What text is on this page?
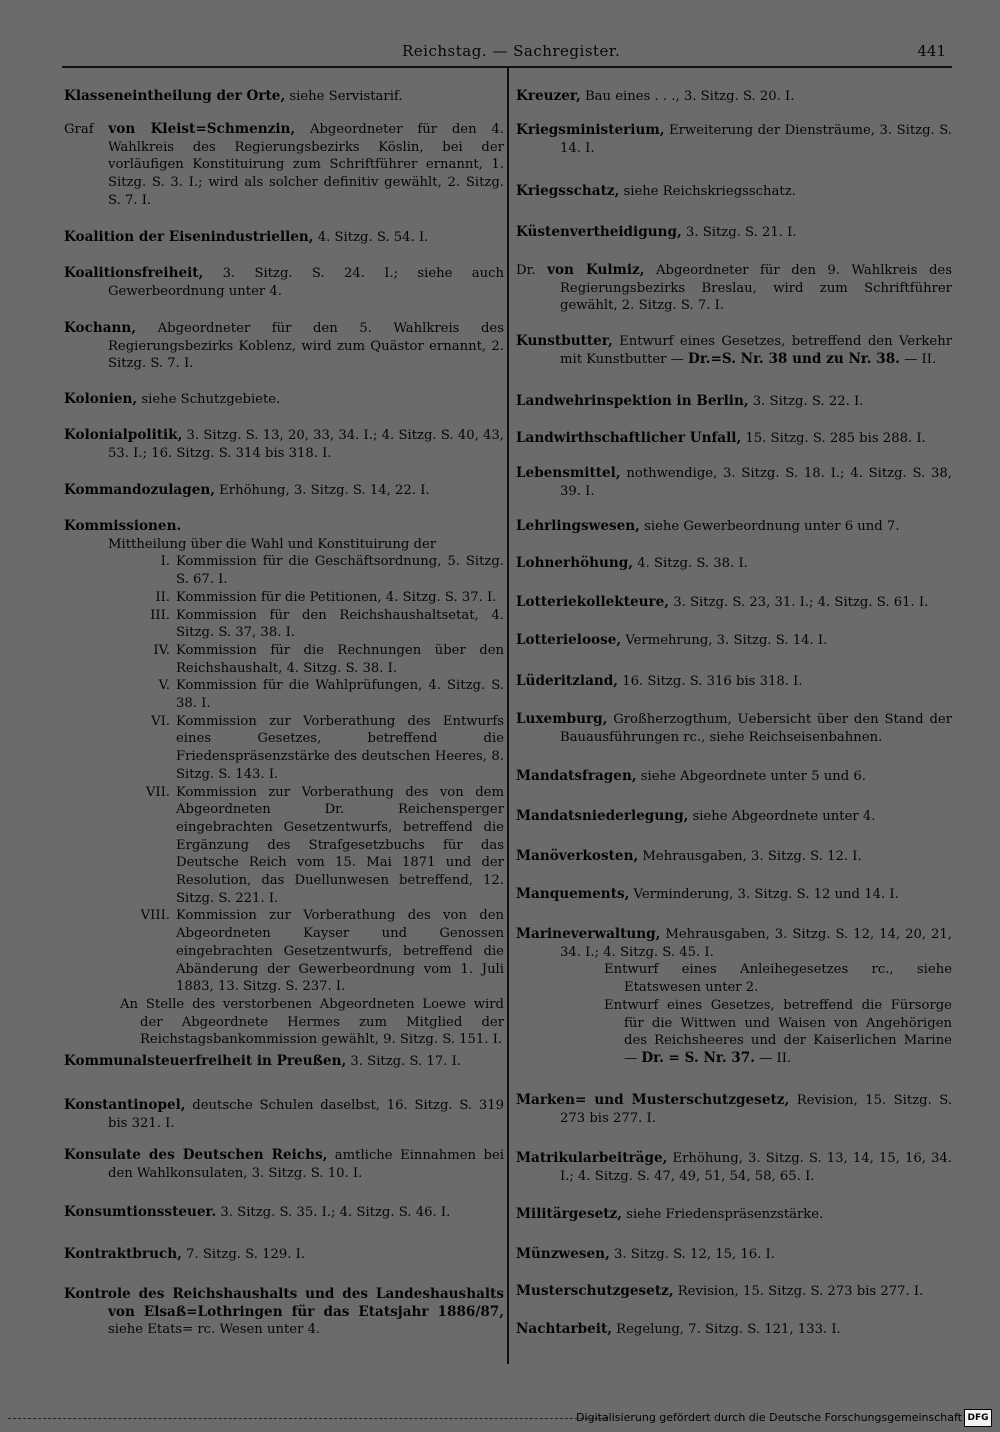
Reichstag. — Sachregister.	441
Klasseneintheilung der Orte, siehe Servistarif.
Graf von Kleist=Schmenzin, Abgeordneter für den 4. Wahlkreis des Regierungsbezirks Köslin, bei der vorläufigen Konstituirung zum Schriftführer ernannt, 1. Sitzg. S. 3. I.; wird als solcher definitiv gewählt, 2. Sitzg. S. 7. I.
Koalition der Eisenindustriellen, 4. Sitzg. S. 54. I.
Koalitionsfreiheit, 3. Sitzg. S. 24. I.; siehe auch Gewerbeordnung unter 4.
Kochann, Abgeordneter für den 5. Wahlkreis des Regierungsbezirks Koblenz, wird zum Quästor ernannt, 2. Sitzg. S. 7. I.
Kolonien, siehe Schutzgebiete.
Kolonialpolitik, 3. Sitzg. S. 13, 20, 33, 34. I.; 4. Sitzg. S. 40, 43, 53. I.; 16. Sitzg. S. 314 bis 318. I.
Kommandozulagen, Erhöhung, 3. Sitzg. S. 14, 22. I.
Kommissionen.
Mittheilung über die Wahl und Konstituirung der
I. Kommission für die Geschäftsordnung, 5. Sitzg. S. 67. I.
II. Kommission für die Petitionen, 4. Sitzg. S. 37. I.
III. Kommission für den Reichshaushaltsetat, 4. Sitzg. S. 37, 38. I.
IV. Kommission für die Rechnungen über den Reichshaushalt, 4. Sitzg. S. 38. I.
V. Kommission für die Wahlprüfungen, 4. Sitzg. S. 38. I.
VI. Kommission zur Vorberathung des Entwurfs eines Gesetzes, betreffend die Friedenspräsenzstärke des deutschen Heeres, 8. Sitzg. S. 143. I.
VII. Kommission zur Vorberathung des von dem Abgeordneten Dr. Reichensperger eingebrachten Gesetzentwurfs, betreffend die Ergänzung des Strafgesetzbuchs für das Deutsche Reich vom 15. Mai 1871 und der Resolution, das Duellunwesen betreffend, 12. Sitzg. S. 221. I.
VIII. Kommission zur Vorberathung des von den Abgeordneten Kayser und Genossen eingebrachten Gesetzentwurfs, betreffend die Abänderung der Gewerbeordnung vom 1. Juli 1883, 13. Sitzg. S. 237. I.
An Stelle des verstorbenen Abgeordneten Loewe wird der Abgeordnete Hermes zum Mitglied der Reichstagsbankommission gewählt, 9. Sitzg. S. 151. I.
Kommunalsteuerfreiheit in Preußen, 3. Sitzg. S. 17. I.
Konstantinopel, deutsche Schulen daselbst, 16. Sitzg. S. 319 bis 321. I.
Konsulate des Deutschen Reichs, amtliche Einnahmen bei den Wahlkonsulaten, 3. Sitzg. S. 10. I.
Konsumtionssteuer. 3. Sitzg. S. 35. I.; 4. Sitzg. S. 46. I.
Kontraktbruch, 7. Sitzg. S. 129. I.
Kontrole des Reichshaushalts und des Landeshaushalts von Elsaß=Lothringen für das Etatsjahr 1886/87, siehe Etats= rc. Wesen unter 4.
Kreuzer, Bau eines . . ., 3. Sitzg. S. 20. I.
Kriegsministerium, Erweiterung der Diensträume, 3. Sitzg. S. 14. I.
Kriegsschatz, siehe Reichskriegsschatz.
Küstenvertheidigung, 3. Sitzg. S. 21. I.
Dr. von Kulmiz, Abgeordneter für den 9. Wahlkreis des Regierungsbezirks Breslau, wird zum Schriftführer gewählt, 2. Sitzg. S. 7. I.
Kunstbutter, Entwurf eines Gesetzes, betreffend den Verkehr mit Kunstbutter — Dr.=S. Nr. 38 und zu Nr. 38. — II.
Landwehrinspektion in Berlin, 3. Sitzg. S. 22. I.
Landwirthschaftlicher Unfall, 15. Sitzg. S. 285 bis 288. I.
Lebensmittel, nothwendige, 3. Sitzg. S. 18. I.; 4. Sitzg. S. 38, 39. I.
Lehrlingswesen, siehe Gewerbeordnung unter 6 und 7.
Lohnerhöhung, 4. Sitzg. S. 38. I.
Lotteriekollekteure, 3. Sitzg. S. 23, 31. I.; 4. Sitzg. S. 61. I.
Lotterieloose, Vermehrung, 3. Sitzg. S. 14. I.
Lüderitzland, 16. Sitzg. S. 316 bis 318. I.
Luxemburg, Großherzogthum, Uebersicht über den Stand der Bauausführungen rc., siehe Reichseisenbahnen.
Mandatsfragen, siehe Abgeordnete unter 5 und 6.
Mandatsniederlegung, siehe Abgeordnete unter 4.
Manöverkosten, Mehrausgaben, 3. Sitzg. S. 12. I.
Manquements, Verminderung, 3. Sitzg. S. 12 und 14. I.
Marineverwaltung, Mehrausgaben, 3. Sitzg. S. 12, 14, 20, 21, 34. I.; 4. Sitzg. S. 45. I.
Entwurf eines Anleihegesetzes rc., siehe Etatswesen unter 2.
Entwurf eines Gesetzes, betreffend die Fürsorge für die Wittwen und Waisen von Angehörigen des Reichsheeres und der Kaiserlichen Marine — Dr. = S. Nr. 37. — II.
Marken= und Musterschutzgesetz, Revision, 15. Sitzg. S. 273 bis 277. I.
Matrikularbeiträge, Erhöhung, 3. Sitzg. S. 13, 14, 15, 16, 34. I.; 4. Sitzg. S. 47, 49, 51, 54, 58, 65. I.
Militärgesetz, siehe Friedenspräsenzstärke.
Münzwesen, 3. Sitzg. S. 12, 15, 16. I.
Musterschutzgesetz, Revision, 15. Sitzg. S. 273 bis 277. I.
Nachtarbeit, Regelung, 7. Sitzg. S. 121, 133. I.
Digitalisierung gefördert durch die Deutsche Forschungsgemeinschaft DFG
